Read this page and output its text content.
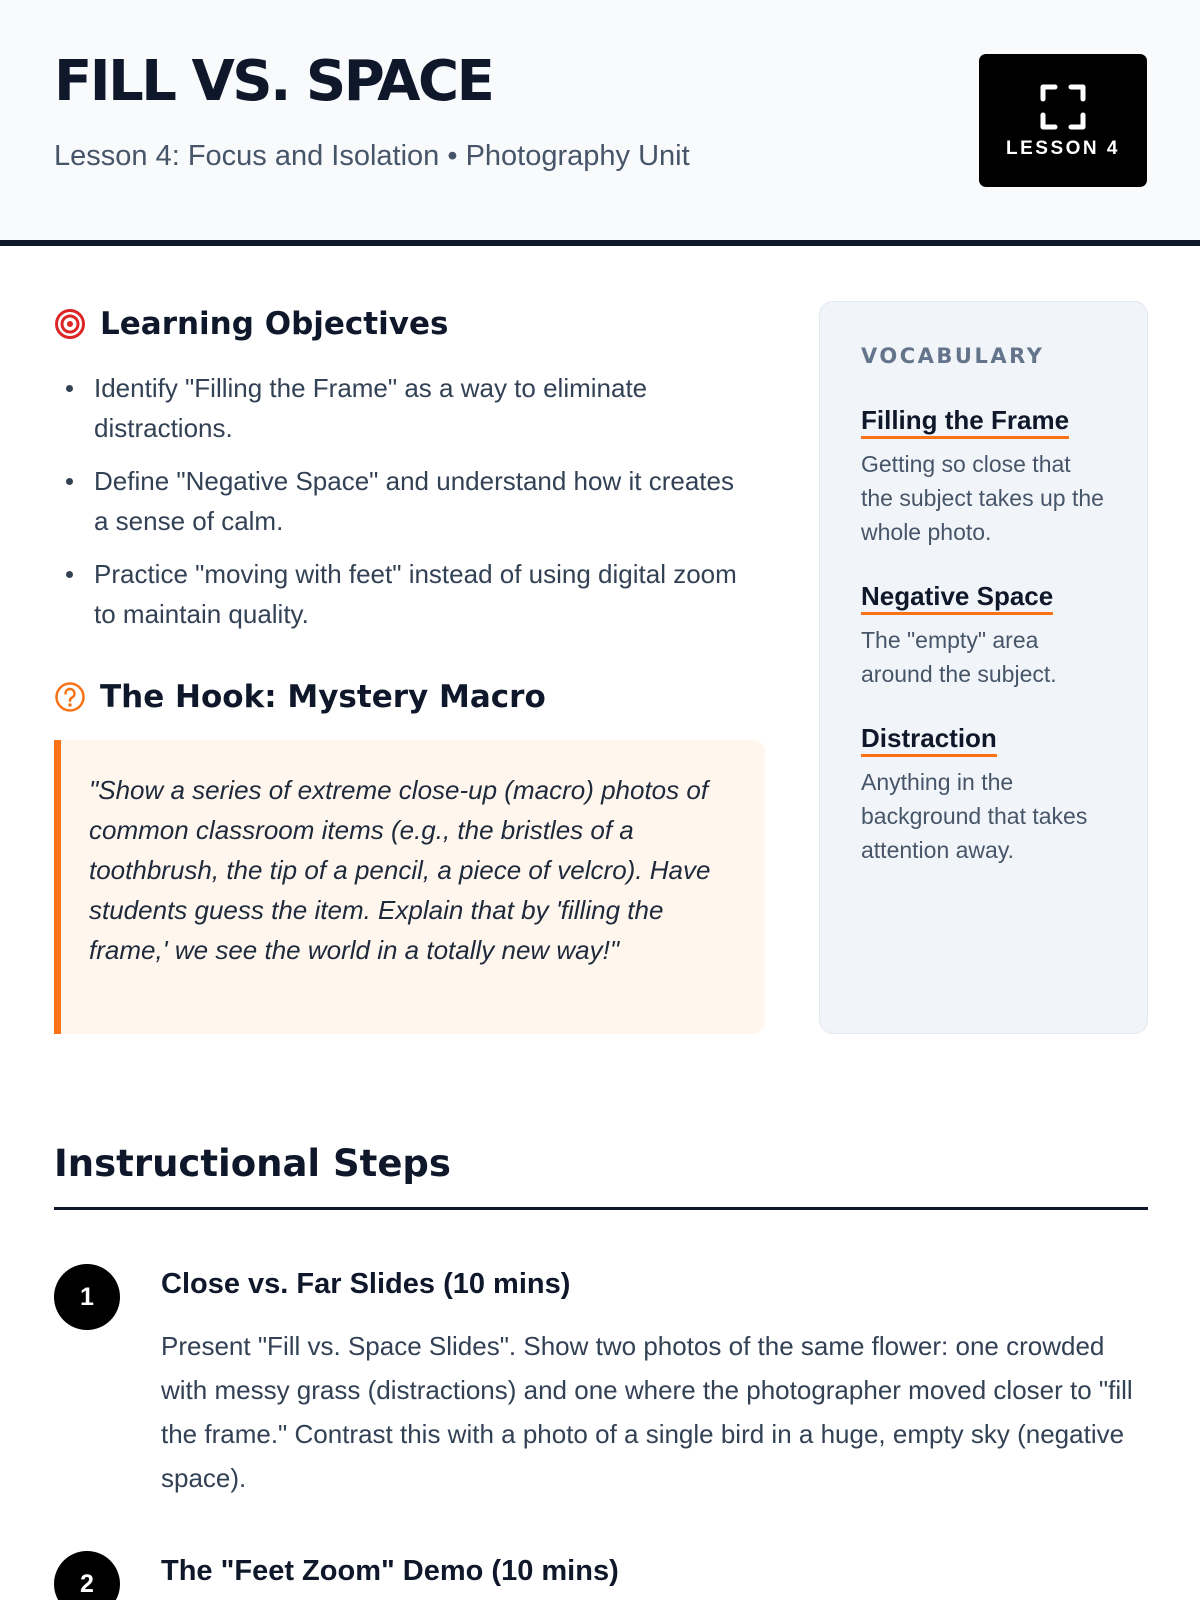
FILL VS. SPACE
Lesson 4: Focus and Isolation • Photography Unit	LESSON 4
Learning Objectives
Identify "Filling the Frame" as a way to eliminate distractions.
Define "Negative Space" and understand how it creates a sense of calm.
Practice "moving with feet" instead of using digital zoom to maintain quality.
The Hook: Mystery Macro
"Show a series of extreme close-up (macro) photos of common classroom items (e.g., the bristles of a toothbrush, the tip of a pencil, a piece of velcro). Have students guess the item. Explain that by 'filling the frame,' we see the world in a totally new way!"
VOCABULARY
Filling the Frame
Getting so close that the subject takes up the whole photo.
Negative Space
The "empty" area around the subject.
Distraction
Anything in the background that takes attention away.
Instructional Steps
1	Close vs. Far Slides (10 mins)
Present "Fill vs. Space Slides". Show two photos of the same flower: one crowded with messy grass (distractions) and one where the photographer moved closer to "fill the frame." Contrast this with a photo of a single bird in a huge, empty sky (negative space).
2	The "Feet Zoom" Demo (10 mins)
